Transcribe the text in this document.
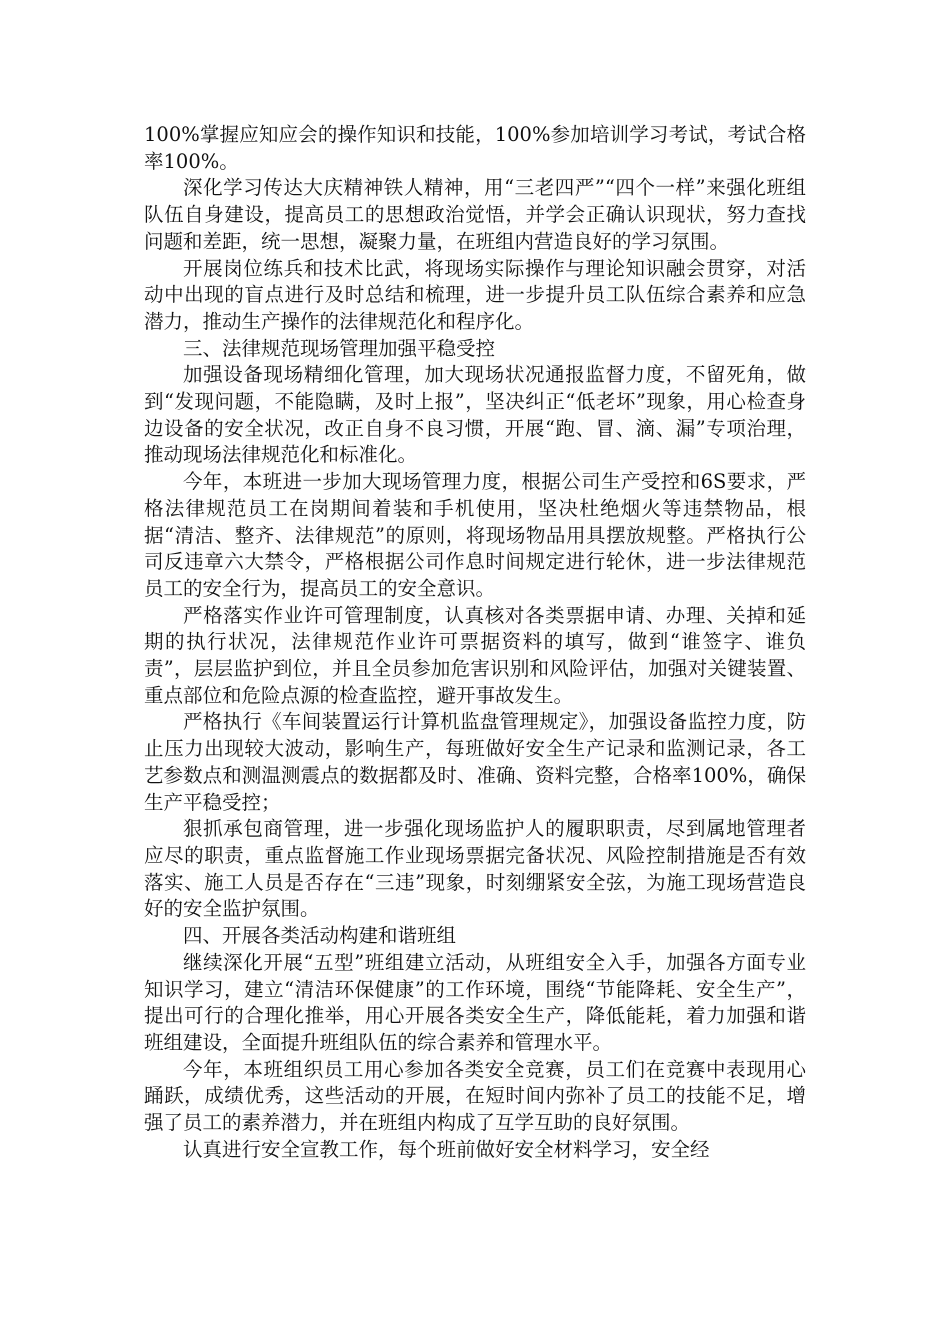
100%掌握应知应会的操作知识和技能，100%参加培训学习考试，考试合格率100%。

深化学习传达大庆精神铁人精神，用“三老四严”“四个一样”来强化班组队伍自身建设，提高员工的思想政治觉悟，并学会正确认识现状，努力查找问题和差距，统一思想，凝聚力量，在班组内营造良好的学习氛围。

开展岗位练兵和技术比武，将现场实际操作与理论知识融会贯穿，对活动中出现的盲点进行及时总结和梳理，进一步提升员工队伍综合素养和应急潜力，推动生产操作的法律规范化和程序化。

三、法律规范现场管理加强平稳受控

加强设备现场精细化管理，加大现场状况通报监督力度，不留死角，做到“发现问题，不能隐瞒，及时上报”，坚决纠正“低老坏”现象，用心检查身边设备的安全状况，改正自身不良习惯，开展“跑、冒、滴、漏”专项治理，推动现场法律规范化和标准化。

今年，本班进一步加大现场管理力度，根据公司生产受控和6S要求，严格法律规范员工在岗期间着装和手机使用，坚决杜绝烟火等违禁物品，根据“清洁、整齐、法律规范”的原则，将现场物品用具摆放规整。严格执行公司反违章六大禁令，严格根据公司作息时间规定进行轮休，进一步法律规范员工的安全行为，提高员工的安全意识。

严格落实作业许可管理制度，认真核对各类票据申请、办理、关掉和延期的执行状况，法律规范作业许可票据资料的填写，做到“谁签字、谁负责”，层层监护到位，并且全员参加危害识别和风险评估，加强对关键装置、重点部位和危险点源的检查监控，避开事故发生。

严格执行《车间装置运行计算机监盘管理规定》，加强设备监控力度，防止压力出现较大波动，影响生产，每班做好安全生产记录和监测记录，各工艺参数点和测温测震点的数据都及时、准确、资料完整，合格率100%，确保生产平稳受控；

狠抓承包商管理，进一步强化现场监护人的履职职责，尽到属地管理者应尽的职责，重点监督施工作业现场票据完备状况、风险控制措施是否有效落实、施工人员是否存在“三违”现象，时刻绷紧安全弦，为施工现场营造良好的安全监护氛围。

四、开展各类活动构建和谐班组

继续深化开展“五型”班组建立活动，从班组安全入手，加强各方面专业知识学习，建立“清洁环保健康”的工作环境，围绕“节能降耗、安全生产”，提出可行的合理化推举，用心开展各类安全生产，降低能耗，着力加强和谐班组建设，全面提升班组队伍的综合素养和管理水平。

今年，本班组织员工用心参加各类安全竞赛，员工们在竞赛中表现用心踊跃，成绩优秀，这些活动的开展，在短时间内弥补了员工的技能不足，增强了员工的素养潜力，并在班组内构成了互学互助的良好氛围。

认真进行安全宣教工作，每个班前做好安全材料学习，安全经
